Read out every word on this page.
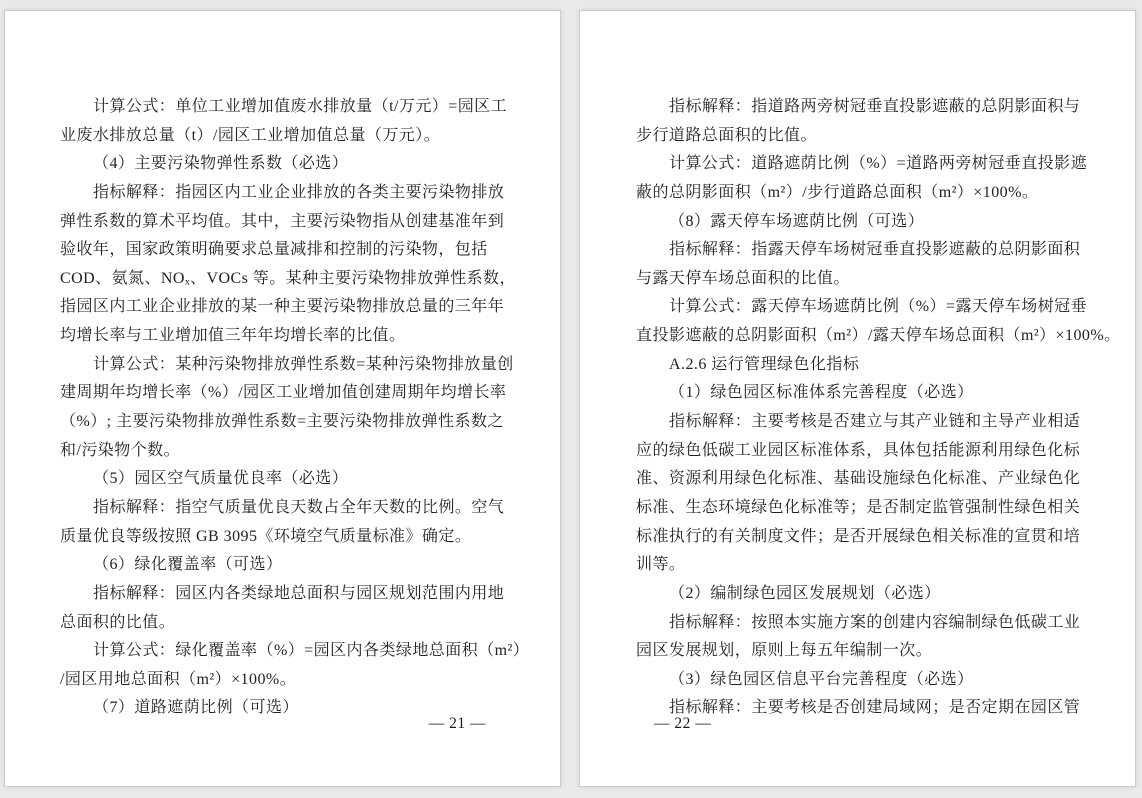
计算公式：单位工业增加值废水排放量（t/万元）=园区工
业废水排放总量（t）/园区工业增加值总量（万元）。
（4）主要污染物弹性系数（必选）
指标解释：指园区内工业企业排放的各类主要污染物排放
弹性系数的算术平均值。其中，主要污染物指从创建基准年到
验收年，国家政策明确要求总量减排和控制的污染物，包括
COD、氨氮、NOₓ、VOCs 等。某种主要污染物排放弹性系数，
指园区内工业企业排放的某一种主要污染物排放总量的三年年
均增长率与工业增加值三年年均增长率的比值。
计算公式：某种污染物排放弹性系数=某种污染物排放量创
建周期年均增长率（%）/园区工业增加值创建周期年均增长率
（%）; 主要污染物排放弹性系数=主要污染物排放弹性系数之
和/污染物个数。
（5）园区空气质量优良率（必选）
指标解释：指空气质量优良天数占全年天数的比例。空气
质量优良等级按照 GB 3095《环境空气质量标准》确定。
（6）绿化覆盖率（可选）
指标解释：园区内各类绿地总面积与园区规划范围内用地
总面积的比值。
计算公式：绿化覆盖率（%）=园区内各类绿地总面积（m²）
/园区用地总面积（m²）×100%。
（7）道路遮荫比例（可选）
— 21 —
指标解释：指道路两旁树冠垂直投影遮蔽的总阴影面积与
步行道路总面积的比值。
计算公式：道路遮荫比例（%）=道路两旁树冠垂直投影遮
蔽的总阴影面积（m²）/步行道路总面积（m²）×100%。
（8）露天停车场遮荫比例（可选）
指标解释：指露天停车场树冠垂直投影遮蔽的总阴影面积
与露天停车场总面积的比值。
计算公式：露天停车场遮荫比例（%）=露天停车场树冠垂
直投影遮蔽的总阴影面积（m²）/露天停车场总面积（m²）×100%。
A.2.6 运行管理绿色化指标
（1）绿色园区标准体系完善程度（必选）
指标解释：主要考核是否建立与其产业链和主导产业相适
应的绿色低碳工业园区标准体系，具体包括能源利用绿色化标
准、资源利用绿色化标准、基础设施绿色化标准、产业绿色化
标准、生态环境绿色化标准等；是否制定监管强制性绿色相关
标准执行的有关制度文件；是否开展绿色相关标准的宣贯和培
训等。
（2）编制绿色园区发展规划（必选）
指标解释：按照本实施方案的创建内容编制绿色低碳工业
园区发展规划，原则上每五年编制一次。
（3）绿色园区信息平台完善程度（必选）
指标解释：主要考核是否创建局域网；是否定期在园区管
— 22 —
